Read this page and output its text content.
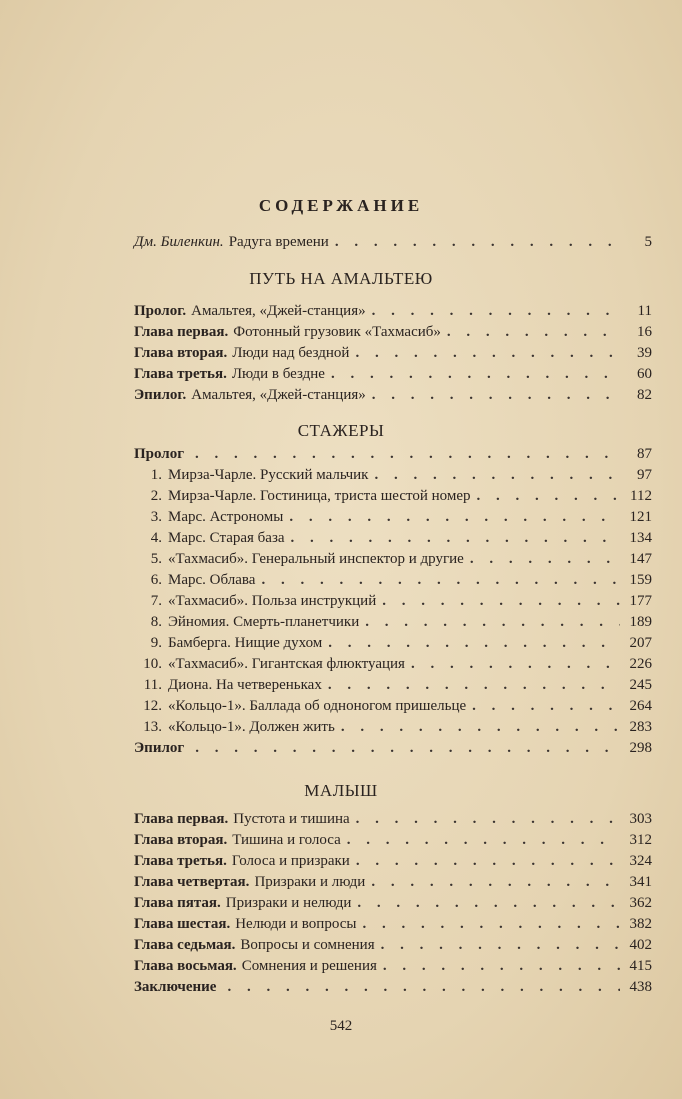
СОДЕРЖАНИЕ
Дм. Биленкин. Радуга времени . . .	5
ПУТЬ НА АМАЛЬТЕЮ
Пролог. Амальтея, «Джей-станция» . . .	11
Глава первая. Фотонный грузовик «Тахмасиб» . . .	16
Глава вторая. Люди над бездной . . .	39
Глава третья. Люди в бездне . . .	60
Эпилог. Амальтея, «Джей-станция» . . .	82
СТАЖЕРЫ
Пролог . . .	87
1. Мирза-Чарле. Русский мальчик . . .	97
2. Мирза-Чарле. Гостиница, триста шестой номер . . .	112
3. Марс. Астрономы . . .	121
4. Марс. Старая база . . .	134
5. «Тахмасиб». Генеральный инспектор и другие . . .	147
6. Марс. Облава . . .	159
7. «Тахмасиб». Польза инструкций . . .	177
8. Эйномия. Смерть-планетчики . . .	189
9. Бамберга. Нищие духом . . .	207
10. «Тахмасиб». Гигантская флюктуация . . .	226
11. Диона. На четвереньках . . .	245
12. «Кольцо-1». Баллада об одноногом пришельце . . .	264
13. «Кольцо-1». Должен жить . . .	283
Эпилог . . .	298
МАЛЫШ
Глава первая. Пустота и тишина . . .	303
Глава вторая. Тишина и голоса . . .	312
Глава третья. Голоса и призраки . . .	324
Глава четвертая. Призраки и люди . . .	341
Глава пятая. Призраки и нелюди . . .	362
Глава шестая. Нелюди и вопросы . . .	382
Глава седьмая. Вопросы и сомнения . . .	402
Глава восьмая. Сомнения и решения . . .	415
Заключение . . .	438
542
